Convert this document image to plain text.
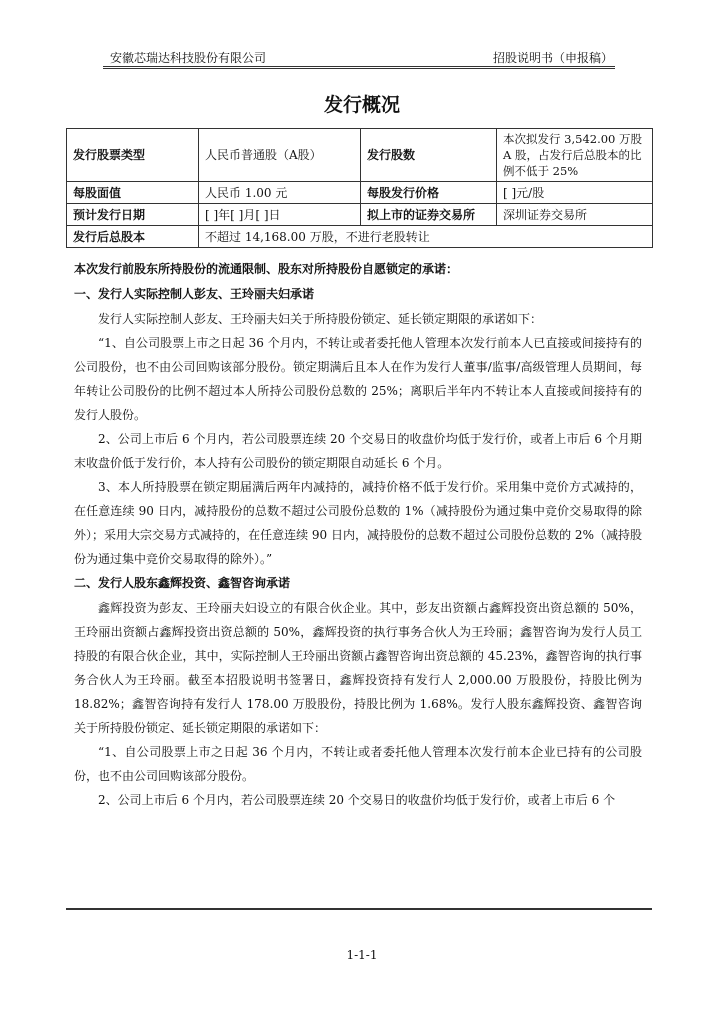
安徽芯瑞达科技股份有限公司	招股说明书（申报稿）
发行概况
发行股票类型	人民币普通股（A股）	发行股数	本次拟发行 3,542.00 万股 A 股，占发行后总股本的比例不低于 25%
每股面值	人民币 1.00 元	每股发行价格	[ ]元/股
预计发行日期	[ ]年[ ]月[ ]日	拟上市的证券交易所	深圳证券交易所
发行后总股本	不超过 14,168.00 万股，不进行老股转让		

本次发行前股东所持股份的流通限制、股东对所持股份自愿锁定的承诺：

一、发行人实际控制人彭友、王玲丽夫妇承诺

发行人实际控制人彭友、王玲丽夫妇关于所持股份锁定、延长锁定期限的承诺如下：

“1、自公司股票上市之日起 36 个月内，不转让或者委托他人管理本次发行前本人已直接或间接持有的公司股份，也不由公司回购该部分股份。锁定期满后且本人在作为发行人董事/监事/高级管理人员期间，每年转让公司股份的比例不超过本人所持公司股份总数的 25%；离职后半年内不转让本人直接或间接持有的发行人股份。

2、公司上市后 6 个月内，若公司股票连续 20 个交易日的收盘价均低于发行价，或者上市后 6 个月期末收盘价低于发行价，本人持有公司股份的锁定期限自动延长 6 个月。

3、本人所持股票在锁定期届满后两年内减持的，减持价格不低于发行价。采用集中竞价方式减持的，在任意连续 90 日内，减持股份的总数不超过公司股份总数的 1%（减持股份为通过集中竞价交易取得的除外）；采用大宗交易方式减持的，在任意连续 90 日内，减持股份的总数不超过公司股份总数的 2%（减持股份为通过集中竞价交易取得的除外）。”

二、发行人股东鑫辉投资、鑫智咨询承诺

鑫辉投资为彭友、王玲丽夫妇设立的有限合伙企业。其中，彭友出资额占鑫辉投资出资总额的 50%，王玲丽出资额占鑫辉投资出资总额的 50%，鑫辉投资的执行事务合伙人为王玲丽；鑫智咨询为发行人员工持股的有限合伙企业，其中，实际控制人王玲丽出资额占鑫智咨询出资总额的 45.23%，鑫智咨询的执行事务合伙人为王玲丽。截至本招股说明书签署日，鑫辉投资持有发行人 2,000.00 万股股份，持股比例为 18.82%；鑫智咨询持有发行人 178.00 万股股份，持股比例为 1.68%。发行人股东鑫辉投资、鑫智咨询关于所持股份锁定、延长锁定期限的承诺如下：

“1、自公司股票上市之日起 36 个月内，不转让或者委托他人管理本次发行前本企业已持有的公司股份，也不由公司回购该部分股份。

2、公司上市后 6 个月内，若公司股票连续 20 个交易日的收盘价均低于发行价，或者上市后 6 个

1-1-1
